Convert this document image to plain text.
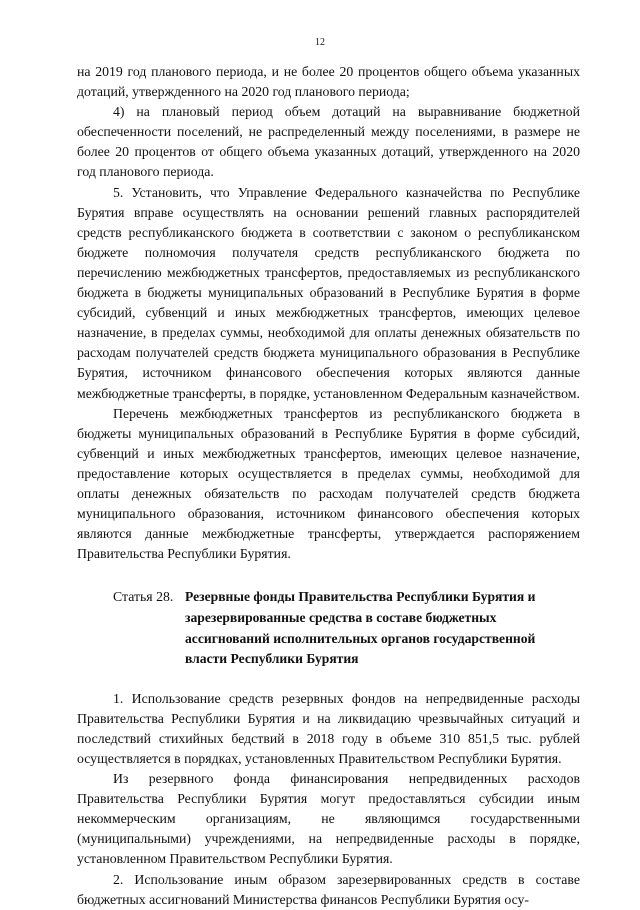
12

на 2019 год планового периода, и не более 20 процентов общего объема указанных дотаций, утвержденного на 2020 год планового периода;

4) на плановый период объем дотаций на выравнивание бюджетной обеспеченности поселений, не распределенный между поселениями, в размере не более 20 процентов от общего объема указанных дотаций, утвержденного на 2020 год планового периода.

5. Установить, что Управление Федерального казначейства по Республике Бурятия вправе осуществлять на основании решений главных распорядителей средств республиканского бюджета в соответствии с законом о республиканском бюджете полномочия получателя средств республиканского бюджета по перечислению межбюджетных трансфертов, предоставляемых из республиканского бюджета в бюджеты муниципальных образований в Республике Бурятия в форме субсидий, субвенций и иных межбюджетных трансфертов, имеющих целевое назначение, в пределах суммы, необходимой для оплаты денежных обязательств по расходам получателей средств бюджета муниципального образования в Республике Бурятия, источником финансового обеспечения которых являются данные межбюджетные трансферты, в порядке, установленном Федеральным казначейством.

Перечень межбюджетных трансфертов из республиканского бюджета в бюджеты муниципальных образований в Республике Бурятия в форме субсидий, субвенций и иных межбюджетных трансфертов, имеющих целевое назначение, предоставление которых осуществляется в пределах суммы, необходимой для оплаты денежных обязательств по расходам получателей средств бюджета муниципального образования, источником финансового обеспечения которых являются данные межбюджетные трансферты, утверждается распоряжением Правительства Республики Бурятия.

Статья 28. Резервные фонды Правительства Республики Бурятия и зарезервированные средства в составе бюджетных ассигнований исполнительных органов государственной власти Республики Бурятия

1. Использование средств резервных фондов на непредвиденные расходы Правительства Республики Бурятия и на ликвидацию чрезвычайных ситуаций и последствий стихийных бедствий в 2018 году в объеме 310 851,5 тыс. рублей осуществляется в порядках, установленных Правительством Республики Бурятия.

Из резервного фонда финансирования непредвиденных расходов Правительства Республики Бурятия могут предоставляться субсидии иным некоммерческим организациям, не являющимся государственными (муниципальными) учреждениями, на непредвиденные расходы в порядке, установленном Правительством Республики Бурятия.

2. Использование иным образом зарезервированных средств в составе бюджетных ассигнований Министерства финансов Республики Бурятия осу-
